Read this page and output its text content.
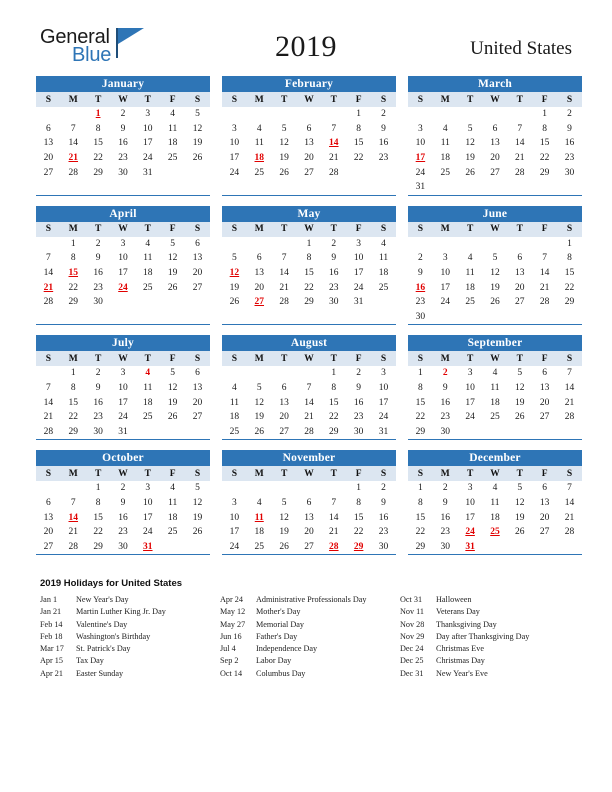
General
Blue	2019	United States
January
S	M	T	W	T	F	S
		1	2	3	4	5
6	7	8	9	10	11	12
13	14	15	16	17	18	19
20	21	22	23	24	25	26
27	28	29	30	31		
February
S	M	T	W	T	F	S
					1	2
3	4	5	6	7	8	9
10	11	12	13	14	15	16
17	18	19	20	21	22	23
24	25	26	27	28		
March
S	M	T	W	T	F	S
					1	2
3	4	5	6	7	8	9
10	11	12	13	14	15	16
17	18	19	20	21	22	23
24	25	26	27	28	29	30
31						
April
S	M	T	W	T	F	S
	1	2	3	4	5	6
7	8	9	10	11	12	13
14	15	16	17	18	19	20
21	22	23	24	25	26	27
28	29	30				
May
S	M	T	W	T	F	S
			1	2	3	4
5	6	7	8	9	10	11
12	13	14	15	16	17	18
19	20	21	22	23	24	25
26	27	28	29	30	31	
June
S	M	T	W	T	F	S
						1
2	3	4	5	6	7	8
9	10	11	12	13	14	15
16	17	18	19	20	21	22
23	24	25	26	27	28	29
30						
July
S	M	T	W	T	F	S
	1	2	3	4	5	6
7	8	9	10	11	12	13
14	15	16	17	18	19	20
21	22	23	24	25	26	27
28	29	30	31			
August
S	M	T	W	T	F	S
				1	2	3
4	5	6	7	8	9	10
11	12	13	14	15	16	17
18	19	20	21	22	23	24
25	26	27	28	29	30	31
September
S	M	T	W	T	F	S
1	2	3	4	5	6	7
8	9	10	11	12	13	14
15	16	17	18	19	20	21
22	23	24	25	26	27	28
29	30					
October
S	M	T	W	T	F	S
		1	2	3	4	5
6	7	8	9	10	11	12
13	14	15	16	17	18	19
20	21	22	23	24	25	26
27	28	29	30	31		
November
S	M	T	W	T	F	S
					1	2
3	4	5	6	7	8	9
10	11	12	13	14	15	16
17	18	19	20	21	22	23
24	25	26	27	28	29	30
December
S	M	T	W	T	F	S
1	2	3	4	5	6	7
8	9	10	11	12	13	14
15	16	17	18	19	20	21
22	23	24	25	26	27	28
29	30	31				
2019 Holidays for United States
Jan 1	New Year's Day
Jan 21	Martin Luther King Jr. Day
Feb 14	Valentine's Day
Feb 18	Washington's Birthday
Mar 17	St. Patrick's Day
Apr 15	Tax Day
Apr 21	Easter Sunday
Apr 24	Administrative Professionals Day
May 12	Mother's Day
May 27	Memorial Day
Jun 16	Father's Day
Jul 4	Independence Day
Sep 2	Labor Day
Oct 14	Columbus Day
Oct 31	Halloween
Nov 11	Veterans Day
Nov 28	Thanksgiving Day
Nov 29	Day after Thanksgiving Day
Dec 24	Christmas Eve
Dec 25	Christmas Day
Dec 31	New Year's Eve
